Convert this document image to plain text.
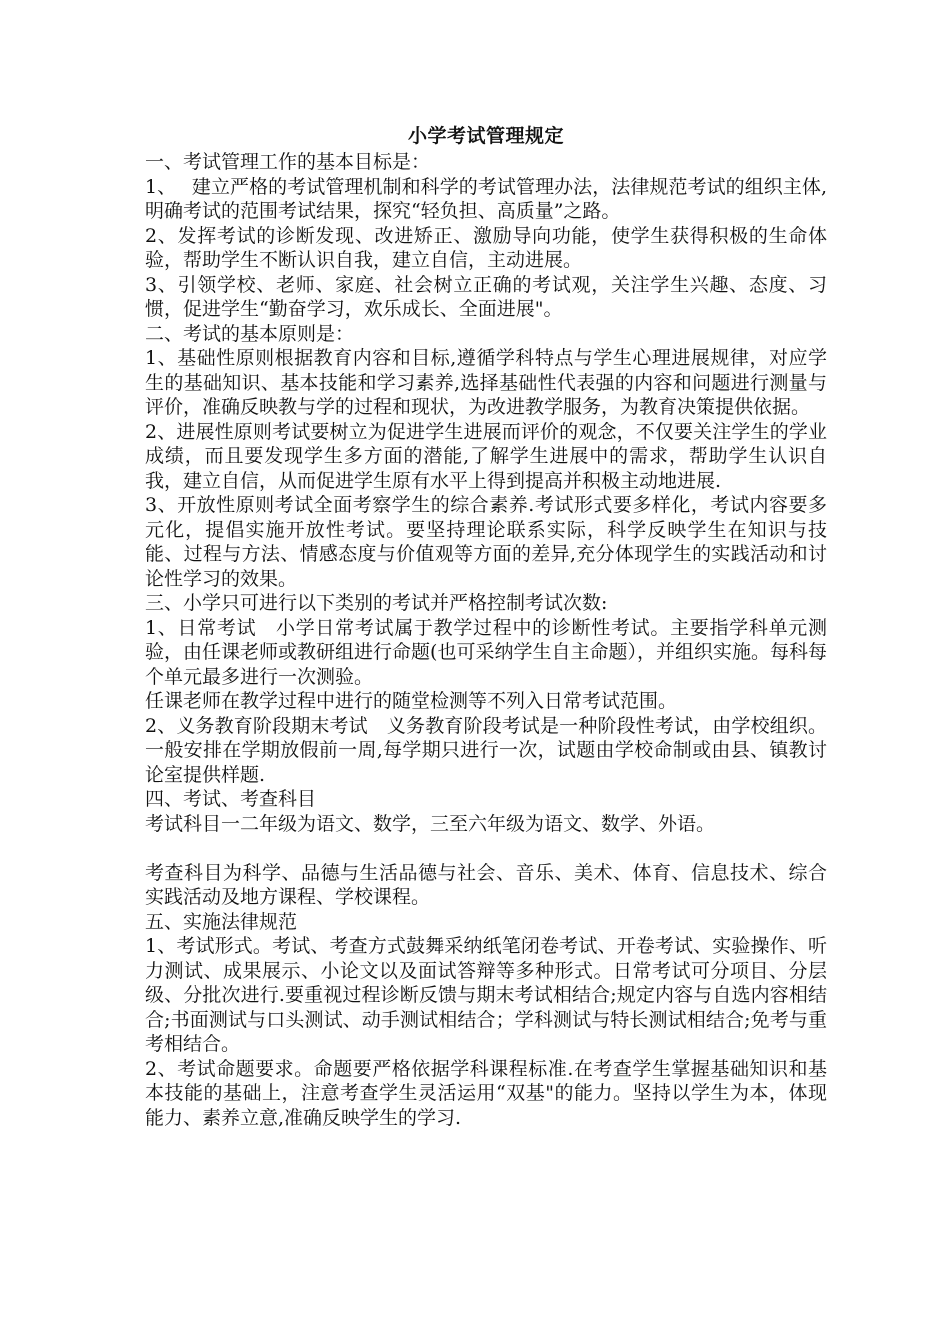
小学考试管理规定

一、考试管理工作的基本目标是：

1、　 建立严格的考试管理机制和科学的考试管理办法，法律规范考试的组织主体,明确考试的范围考试结果，探究“轻负担、高质量”之路。

2、发挥考试的诊断发现、改进矫正、激励导向功能，使学生获得积极的生命体验，帮助学生不断认识自我，建立自信，主动进展。

3、引领学校、老师、家庭、社会树立正确的考试观，关注学生兴趣、态度、习惯，促进学生“勤奋学习，欢乐成长、全面进展"。

二、考试的基本原则是：

1、基础性原则根据教育内容和目标,遵循学科特点与学生心理进展规律，对应学生的基础知识、基本技能和学习素养,选择基础性代表强的内容和问题进行测量与评价，准确反映教与学的过程和现状，为改进教学服务，为教育决策提供依据。

2、进展性原则考试要树立为促进学生进展而评价的观念，不仅要关注学生的学业成绩，而且要发现学生多方面的潜能,了解学生进展中的需求，帮助学生认识自我，建立自信，从而促进学生原有水平上得到提高并积极主动地进展.

3、开放性原则考试全面考察学生的综合素养.考试形式要多样化，考试内容要多元化，提倡实施开放性考试。要坚持理论联系实际，科学反映学生在知识与技能、过程与方法、情感态度与价值观等方面的差异,充分体现学生的实践活动和讨论性学习的效果。

三、小学只可进行以下类别的考试并严格控制考试次数:

1、日常考试　小学日常考试属于教学过程中的诊断性考试。主要指学科单元测验，由任课老师或教研组进行命题(也可采纳学生自主命题），并组织实施。每科每个单元最多进行一次测验。

任课老师在教学过程中进行的随堂检测等不列入日常考试范围。

2、义务教育阶段期末考试　义务教育阶段考试是一种阶段性考试，由学校组织。一般安排在学期放假前一周,每学期只进行一次，试题由学校命制或由县、镇教讨论室提供样题.

四、考试、考查科目

考试科目一二年级为语文、数学，三至六年级为语文、数学、外语。

考查科目为科学、品德与生活品德与社会、音乐、美术、体育、信息技术、综合实践活动及地方课程、学校课程。

五、实施法律规范

1、考试形式。考试、考查方式鼓舞采纳纸笔闭卷考试、开卷考试、实验操作、听力测试、成果展示、小论文以及面试答辩等多种形式。日常考试可分项目、分层级、分批次进行.要重视过程诊断反馈与期末考试相结合;规定内容与自选内容相结合;书面测试与口头测试、动手测试相结合；学科测试与特长测试相结合;免考与重考相结合。

2、考试命题要求。命题要严格依据学科课程标准.在考查学生掌握基础知识和基本技能的基础上，注意考查学生灵活运用“双基"的能力。坚持以学生为本，体现能力、素养立意,准确反映学生的学习.
